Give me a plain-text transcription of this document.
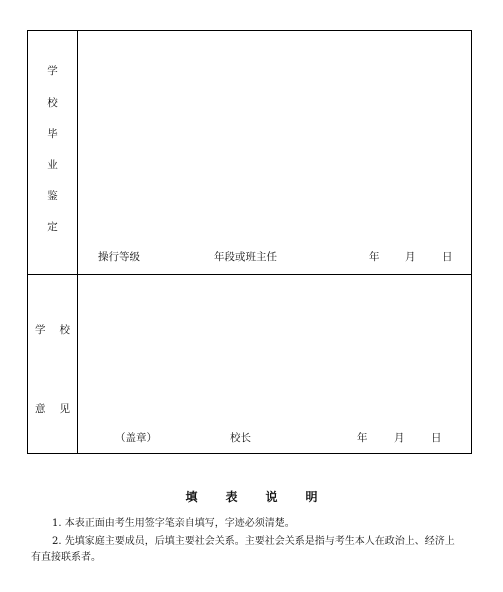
学
校
毕
业
鉴
定
操行等级	年段或班主任	年 月	日
学 校
意 见
（盖章）	校长	年	月	日
填 表 说 明
1. 本表正面由考生用签字笔亲自填写，字迹必须清楚。
2. 先填家庭主要成员，后填主要社会关系。主要社会关系是指与考生本人在政治上、经济上
有直接联系者。
